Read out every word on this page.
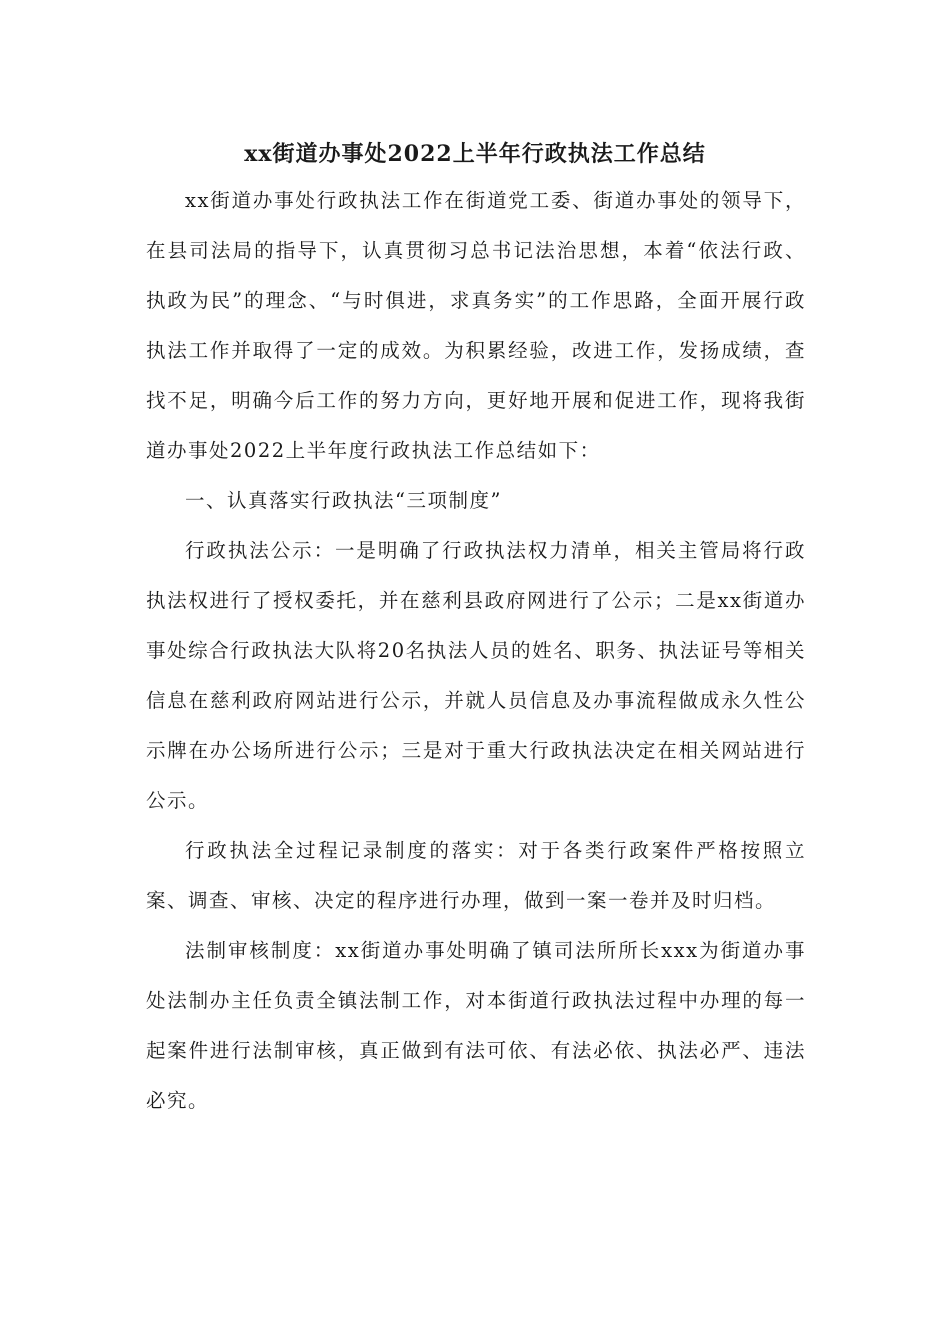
xx街道办事处2022上半年行政执法工作总结

xx街道办事处行政执法工作在街道党工委、街道办事处的领导下，在县司法局的指导下，认真贯彻习总书记法治思想，本着“依法行政、执政为民”的理念、“与时俱进，求真务实”的工作思路，全面开展行政执法工作并取得了一定的成效。为积累经验，改进工作，发扬成绩，查找不足，明确今后工作的努力方向，更好地开展和促进工作，现将我街道办事处2022上半年度行政执法工作总结如下：

一、认真落实行政执法“三项制度”

行政执法公示：一是明确了行政执法权力清单，相关主管局将行政执法权进行了授权委托，并在慈利县政府网进行了公示；二是xx街道办事处综合行政执法大队将20名执法人员的姓名、职务、执法证号等相关信息在慈利政府网站进行公示，并就人员信息及办事流程做成永久性公示牌在办公场所进行公示；三是对于重大行政执法决定在相关网站进行公示。

行政执法全过程记录制度的落实：对于各类行政案件严格按照立案、调查、审核、决定的程序进行办理，做到一案一卷并及时归档。

法制审核制度：xx街道办事处明确了镇司法所所长xxx为街道办事处法制办主任负责全镇法制工作，对本街道行政执法过程中办理的每一起案件进行法制审核，真正做到有法可依、有法必依、执法必严、违法必究。
